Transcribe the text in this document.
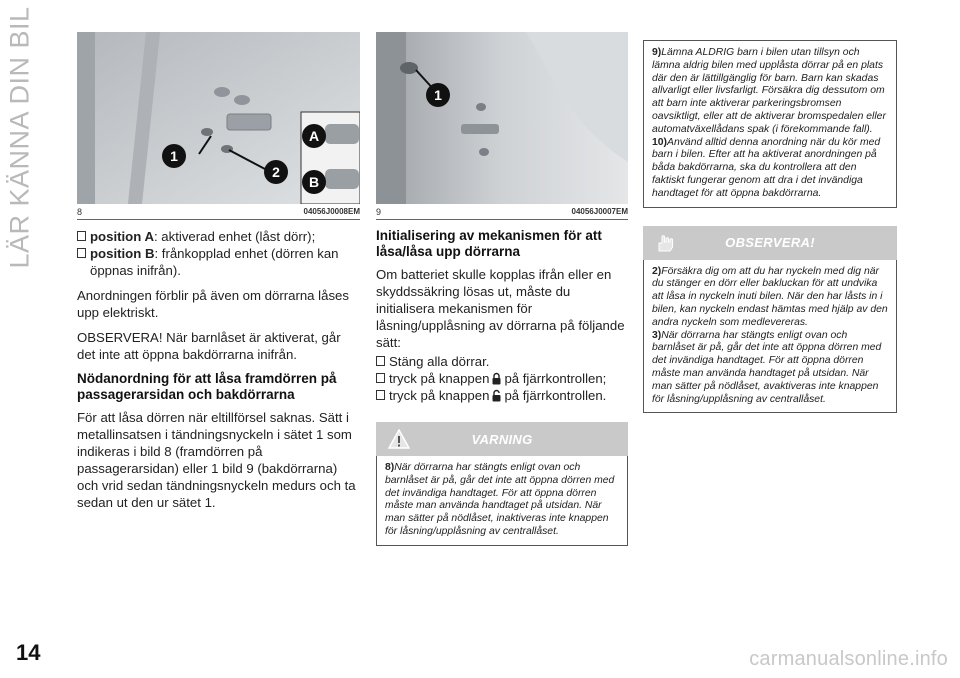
LÄR KÄNNA DIN BIL	1
2
A
B
8	04056J0008EM
position A: aktiverad enhet (låst dörr);
position B: frånkopplad enhet (dörren kan öppnas inifrån).

Anordningen förblir på även om dörrarna låses upp elektriskt.

OBSERVERA! När barnlåset är aktiverat, går det inte att öppna bakdörrarna inifrån.

Nödanordning för att låsa framdörren på passagerarsidan och bakdörrarna

För att låsa dörren när eltillförsel saknas. Sätt i metallinsatsen i tändningsnyckeln i sätet 1 som indikeras i bild 8 (framdörren på passagerarsidan) eller 1 bild 9 (bakdörrarna) och vrid sedan tändningsnyckeln medurs och ta sedan ut den ur sätet 1.

1
9	04056J0007EM
Initialisering av mekanismen för att låsa/låsa upp dörrarna

Om batteriet skulle kopplas ifrån eller en skyddssäkring lösas ut, måste du initialisera mekanismen för låsning/upplåsning av dörrarna på följande sätt:

Stäng alla dörrar.
tryck på knappen på fjärrkontrollen;
tryck på knappen på fjärrkontrollen.
VARNING
8)När dörrarna har stängts enligt ovan och barnlåset är på, går det inte att öppna dörren med det invändiga handtaget. För att öppna dörren måste man använda handtaget på utsidan. När man sätter på nödlåset, inaktiveras inte knappen för låsning/upplåsning av centrallåset.

9)Lämna ALDRIG barn i bilen utan tillsyn och lämna aldrig bilen med upplåsta dörrar på en plats där den är lättillgänglig för barn. Barn kan skadas allvarligt eller livsfarligt. Försäkra dig dessutom om att barn inte aktiverar parkeringsbromsen oavsiktligt, eller att de aktiverar bromspedalen eller automatväxellådans spak (i förekommande fall).

10)Använd alltid denna anordning när du kör med barn i bilen. Efter att ha aktiverat anordningen på båda bakdörrarna, ska du kontrollera att den faktiskt fungerar genom att dra i det invändiga handtaget för att öppna bakdörrarna.

OBSERVERA!

2)Försäkra dig om att du har nyckeln med dig när du stänger en dörr eller bakluckan för att undvika att låsa in nyckeln inuti bilen. När den har låsts in i bilen, kan nyckeln endast hämtas med hjälp av den andra nyckeln som medlevereras.

3)När dörrarna har stängts enligt ovan och barnlåset är på, går det inte att öppna dörren med det invändiga handtaget. För att öppna dörren måste man använda handtaget på utsidan. När man sätter på nödlåset, avaktiveras inte knappen för låsning/upplåsning av centrallåset.

14	carmanualsonline.info
